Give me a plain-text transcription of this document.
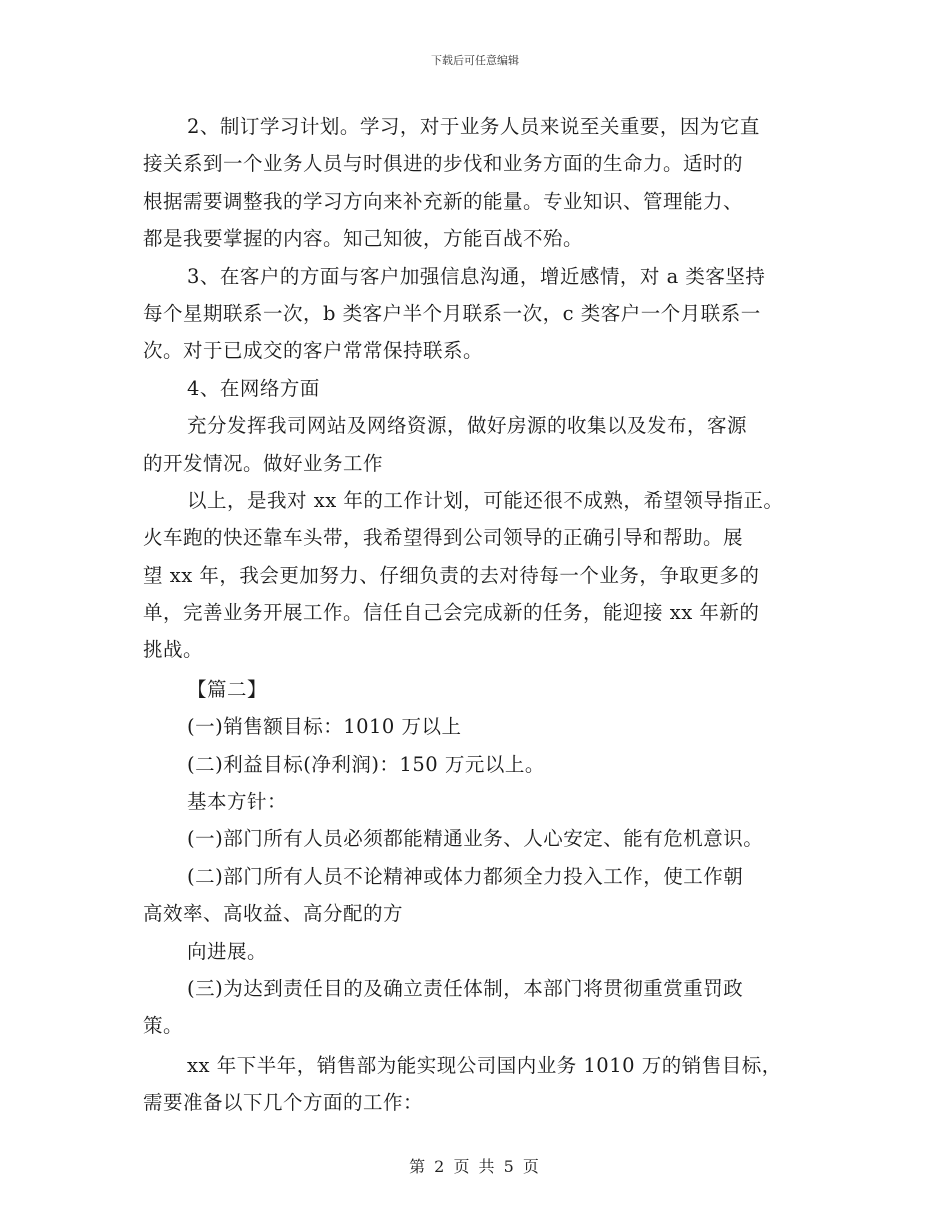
下载后可任意编辑
2、制订学习计划。学习，对于业务人员来说至关重要，因为它直
接关系到一个业务人员与时俱进的步伐和业务方面的生命力。适时的
根据需要调整我的学习方向来补充新的能量。专业知识、管理能力、
都是我要掌握的内容。知己知彼，方能百战不殆。
3、在客户的方面与客户加强信息沟通，增近感情，对 a 类客坚持
每个星期联系一次，b 类客户半个月联系一次，c 类客户一个月联系一
次。对于已成交的客户常常保持联系。
4、在网络方面
充分发挥我司网站及网络资源，做好房源的收集以及发布，客源
的开发情况。做好业务工作
以上，是我对 xx 年的工作计划，可能还很不成熟，希望领导指正。
火车跑的快还靠车头带，我希望得到公司领导的正确引导和帮助。展
望 xx 年，我会更加努力、仔细负责的去对待每一个业务，争取更多的
单，完善业务开展工作。信任自己会完成新的任务，能迎接 xx 年新的
挑战。
【篇二】
(一)销售额目标：1010 万以上
(二)利益目标(净利润)：150 万元以上。
基本方针：
(一)部门所有人员必须都能精通业务、人心安定、能有危机意识。
(二)部门所有人员不论精神或体力都须全力投入工作，使工作朝
高效率、高收益、高分配的方
向进展。
(三)为达到责任目的及确立责任体制，本部门将贯彻重赏重罚政
策。
xx 年下半年，销售部为能实现公司国内业务 1010 万的销售目标，
需要准备以下几个方面的工作：
第 2 页 共 5 页
